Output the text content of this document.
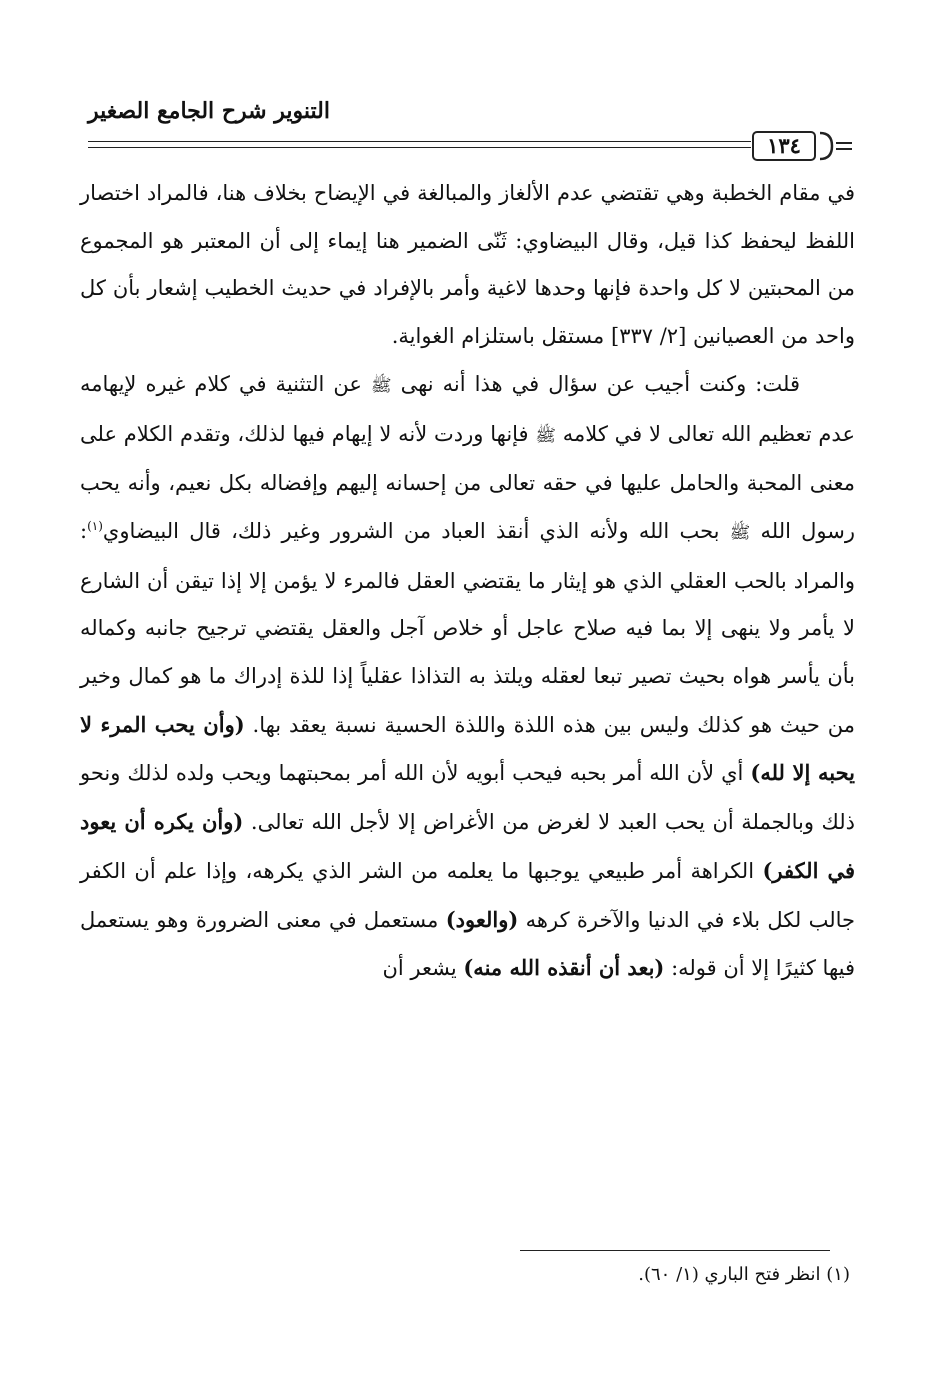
التنوير شرح الجامع الصغير
١٣٤

في مقام الخطبة وهي تقتضي عدم الألغاز والمبالغة في الإيضاح بخلاف هنا، فالمراد اختصار اللفظ ليحفظ كذا قيل، وقال البيضاوي: ثَنّى الضمير هنا إيماء إلى أن المعتبر هو المجموع من المحبتين لا كل واحدة فإنها وحدها لاغية وأمر بالإفراد في حديث الخطيب إشعار بأن كل واحد من العصيانين [٢/ ٣٣٧] مستقل باستلزام الغواية.

قلت: وكنت أجيب عن سؤال في هذا أنه نهى ﷺ عن التثنية في كلام غيره لإيهامه عدم تعظيم الله تعالى لا في كلامه ﷺ فإنها وردت لأنه لا إيهام فيها لذلك، وتقدم الكلام على معنى المحبة والحامل عليها في حقه تعالى من إحسانه إليهم وإفضاله بكل نعيم، وأنه يحب رسول الله ﷺ بحب الله ولأنه الذي أنقذ العباد من الشرور وغير ذلك، قال البيضاوي$^{(١)}$: والمراد بالحب العقلي الذي هو إيثار ما يقتضي العقل فالمرء لا يؤمن إلا إذا تيقن أن الشارع لا يأمر ولا ينهى إلا بما فيه صلاح عاجل أو خلاص آجل والعقل يقتضي ترجيح جانبه وكماله بأن يأسر هواه بحيث تصير تبعا لعقله ويلتذ به التذاذا عقلياً إذا للذة إدراك ما هو كمال وخير من حيث هو كذلك وليس بين هذه اللذة واللذة الحسية نسبة يعقد بها. (وأن يحب المرء لا يحبه إلا لله) أي لأن الله أمر بحبه فيحب أبويه لأن الله أمر بمحبتهما ويحب ولده لذلك ونحو ذلك وبالجملة أن يحب العبد لا لغرض من الأغراض إلا لأجل الله تعالى. (وأن يكره أن يعود في الكفر) الكراهة أمر طبيعي يوجبها ما يعلمه من الشر الذي يكرهه، وإذا علم أن الكفر جالب لكل بلاء في الدنيا والآخرة كرهه (والعود) مستعمل في معنى الضرورة وهو يستعمل فيها كثيرًا إلا أن قوله: (بعد أن أنقذه الله منه) يشعر أن

(١) انظر فتح الباري (١/ ٦٠).
